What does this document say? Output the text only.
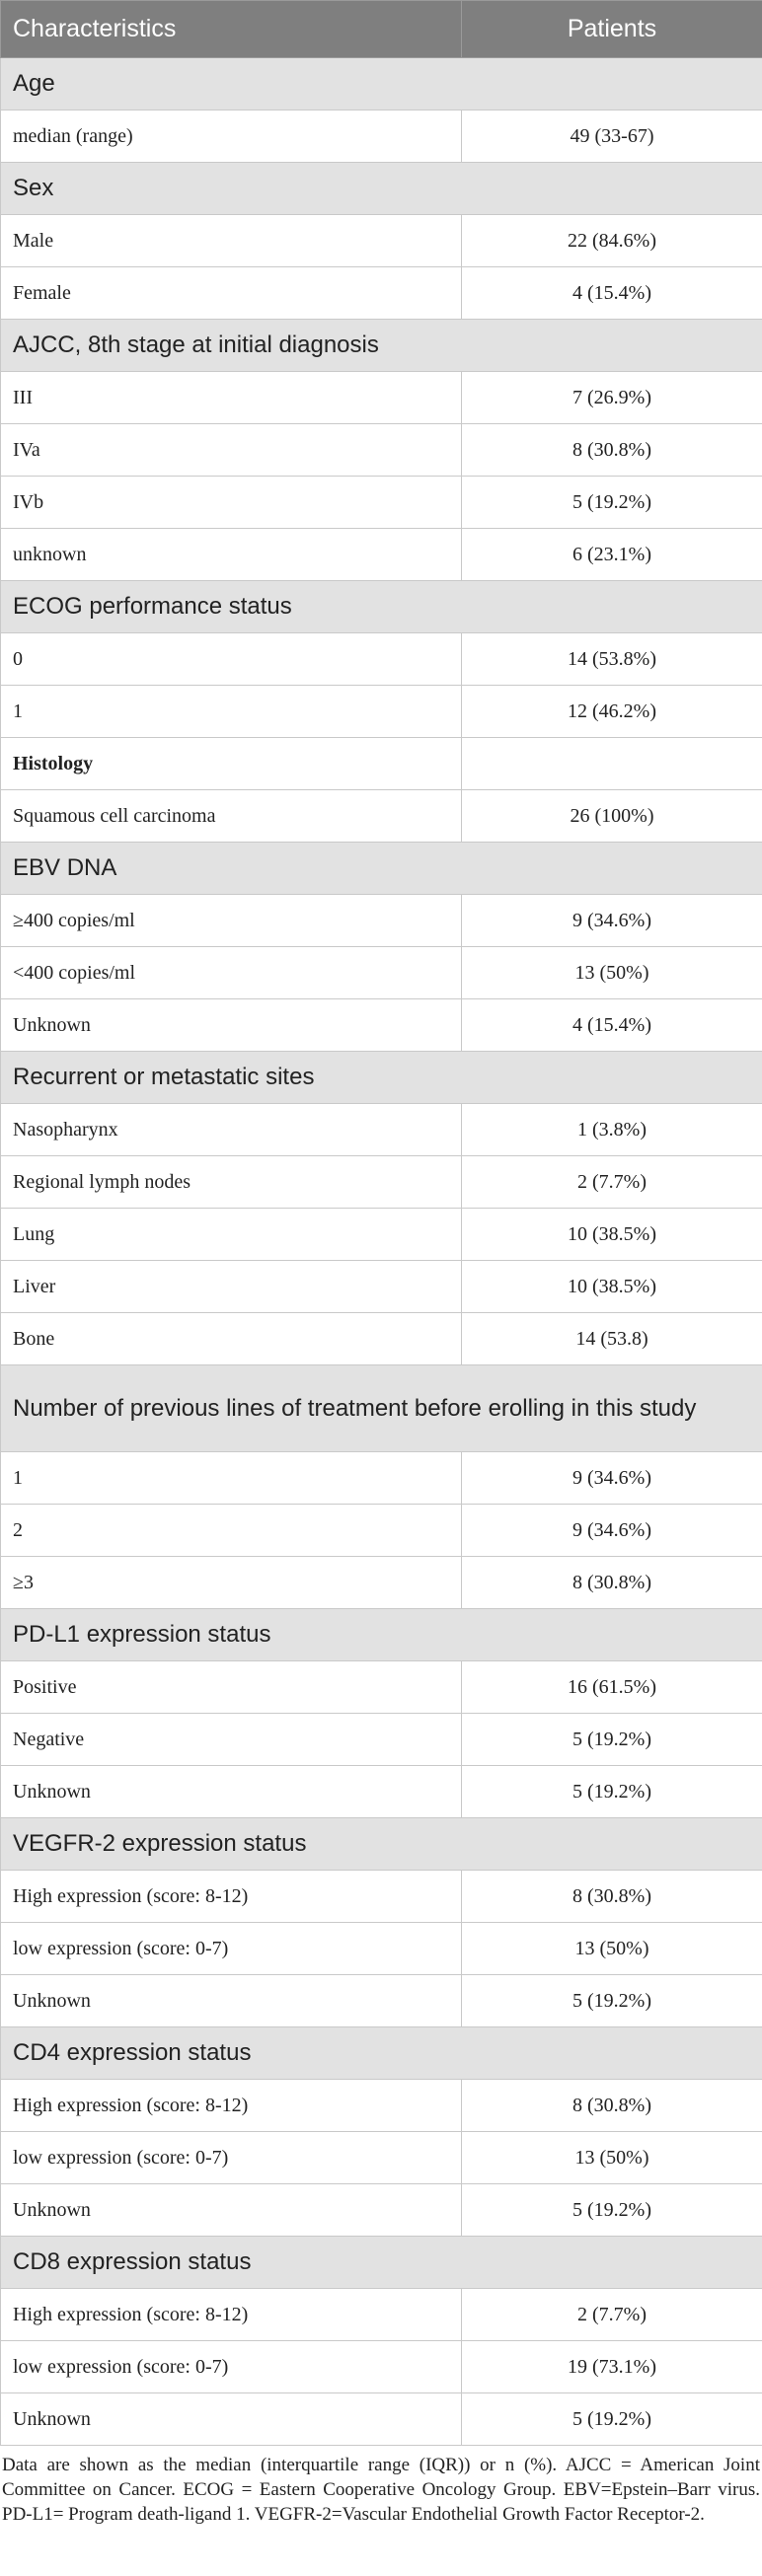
Characteristics	Patients
Age	
median (range)	49 (33-67)
Sex	
Male	22 (84.6%)
Female	4 (15.4%)
AJCC, 8th stage at initial diagnosis	
III	7 (26.9%)
IVa	8 (30.8%)
IVb	5 (19.2%)
unknown	6 (23.1%)
ECOG performance status	
0	14 (53.8%)
1	12 (46.2%)
Histology	
Squamous cell carcinoma	26 (100%)
EBV DNA	
≥400 copies/ml	9 (34.6%)
<400 copies/ml	13 (50%)
Unknown	4 (15.4%)
Recurrent or metastatic sites	
Nasopharynx	1 (3.8%)
Regional lymph nodes	2 (7.7%)
Lung	10 (38.5%)
Liver	10 (38.5%)
Bone	14 (53.8)
Number of previous lines of treatment before erolling in this study	
1	9 (34.6%)
2	9 (34.6%)
≥3	8 (30.8%)
PD-L1 expression status	
Positive	16 (61.5%)
Negative	5 (19.2%)
Unknown	5 (19.2%)
VEGFR-2 expression status	
High expression (score: 8-12)	8 (30.8%)
low expression (score: 0-7)	13 (50%)
Unknown	5 (19.2%)
CD4 expression status	
High expression (score: 8-12)	8 (30.8%)
low expression (score: 0-7)	13 (50%)
Unknown	5 (19.2%)
CD8 expression status	
High expression (score: 8-12)	2 (7.7%)
low expression (score: 0-7)	19 (73.1%)
Unknown	5 (19.2%)
Data are shown as the median (interquartile range (IQR)) or n (%). AJCC = American Joint Committee on Cancer. ECOG = Eastern Cooperative Oncology Group. EBV=Epstein–Barr virus. PD-L1= Program death-ligand 1. VEGFR-2=Vascular Endothelial Growth Factor Receptor-2.
